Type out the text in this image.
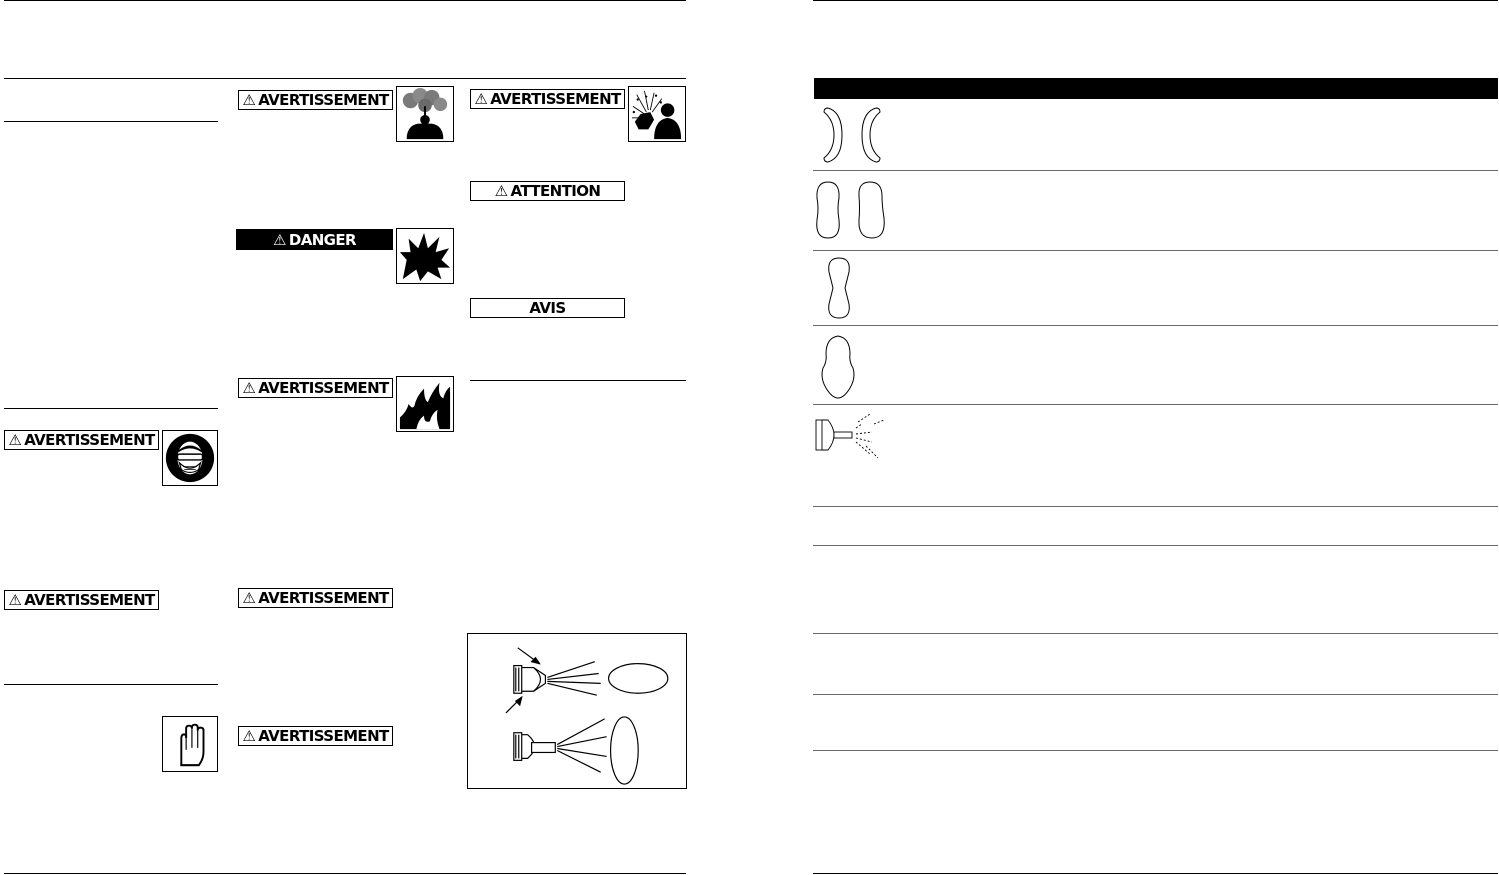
⚠ AVERTISSEMENT
⚠ AVERTISSEMENT
⚠ AVERTISSEMENT
⚠ DANGER
⚠ AVERTISSEMENT
⚠ AVERTISSEMENT
⚠ AVERTISSEMENT
⚠ AVERTISSEMENT
⚠ ATTENTION
AVIS
